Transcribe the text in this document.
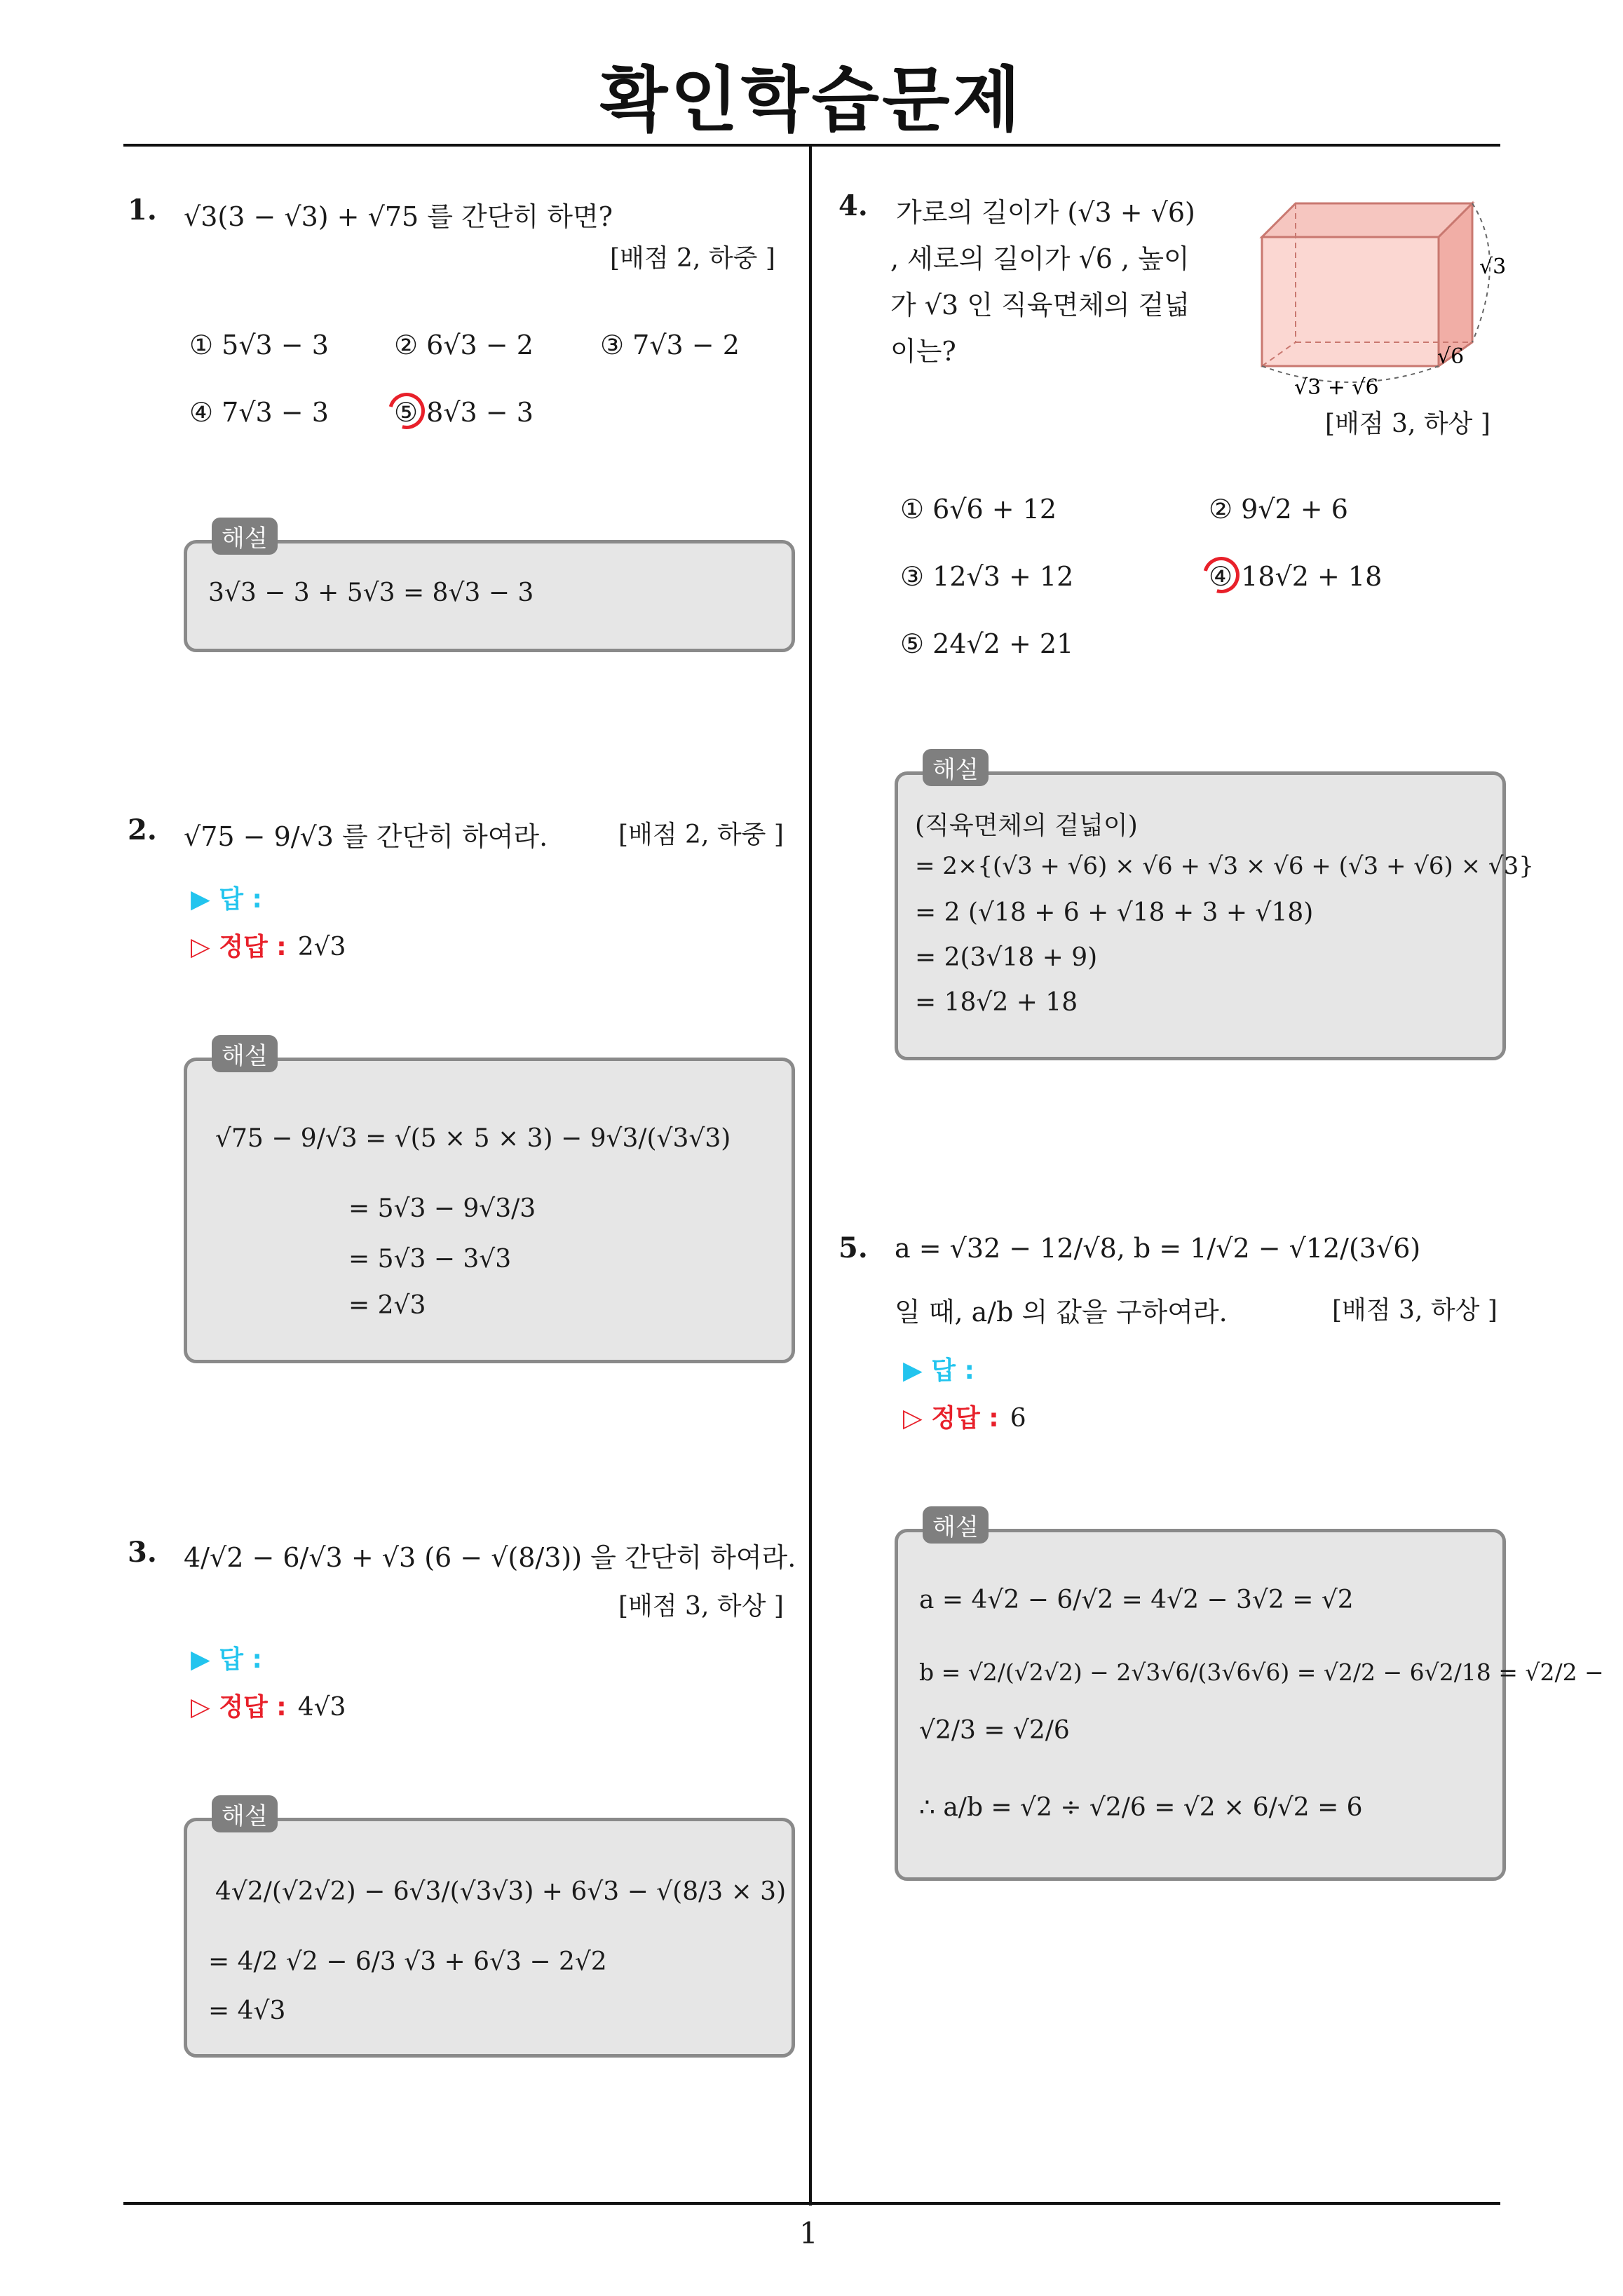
확인학습문제
1
1. √3(3 − √3) + √75 를 간단히 하면?
[배점 2, 하중 ]
① 5√3 − 3 ② 6√3 − 2	③ 7√3 − 2
④ 7√3 − 3 ⑤ 8√3 − 3
3√3 − 3 + 5√3 = 8√3 − 3
해설
2. √75 − 9/√3 를 간단히 하여라.	[배점 2, 하중 ]
▶ 답 :
▷ 정답 : 2√3
√75 − 9/√3 = √(5 × 5 × 3) − 9√3/(√3√3)
= 5√3 − 9√3/3
= 5√3 − 3√3
= 2√3
해설
3. 4/√2 − 6/√3 + √3 (6 − √(8/3)) 을 간단히 하여라.
[배점 3, 하상 ]
▶ 답 :
▷ 정답 : 4√3
4√2/(√2√2) − 6√3/(√3√3) + 6√3 − √(8/3 × 3)
= 4/2 √2 − 6/3 √3 + 6√3 − 2√2
= 4√3
해설
4. 가로의 길이가 (√3 + √6)
, 세로의 길이가 √6 , 높이
가 √3 인 직육면체의 겉넓
이는?
√3
√6
√3 + √6
[배점 3, 하상 ]
① 6√6 + 12	② 9√2 + 6
③ 12√3 + 12	④ 18√2 + 18
⑤ 24√2 + 21
(직육면체의 겉넓이)
= 2×{(√3 + √6) × √6 + √3 × √6 + (√3 + √6) × √3}
= 2 (√18 + 6 + √18 + 3 + √18)
= 2(3√18 + 9)
= 18√2 + 18
해설
5. a = √32 − 12/√8, b = 1/√2 − √12/(3√6)
일 때, a/b 의 값을 구하여라.	[배점 3, 하상 ]
▶ 답 :
▷ 정답 : 6
a = 4√2 − 6/√2 = 4√2 − 3√2 = √2
b = √2/(√2√2) − 2√3√6/(3√6√6) = √2/2 − 6√2/18 = √2/2 −
√2/3 = √2/6
∴ a/b = √2 ÷ √2/6 = √2 × 6/√2 = 6
해설
